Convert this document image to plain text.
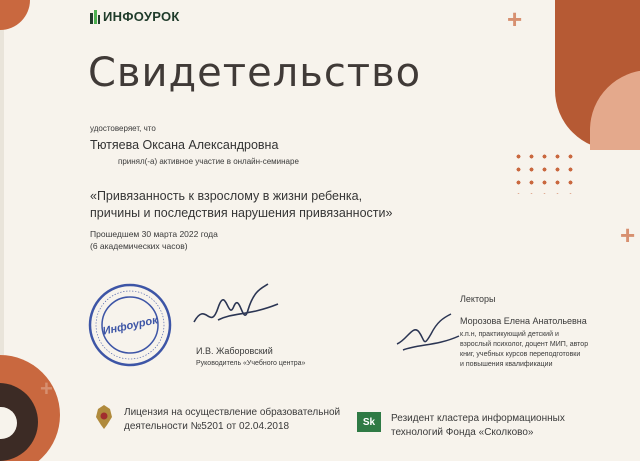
+
+
+
ИНФОУРОК
Свидетельство
удостоверяет, что
Тютяева Оксана Александровна
принял(-а) активное участие в онлайн-семинаре
«Привязанность к взрослому в жизни ребенка, причины и последствия нарушения привязанности»
Прошедшем 30 марта 2022 года
(6 академических часов)
Инфоурок
И.В. Жаборовский
Руководитель «Учебного центра»
Лекторы
Морозова Елена Анатольевна
к.п.н, практикующий детский и
взрослый психолог, доцент МИП, автор
книг, учебных курсов переподготовки
и повышения квалификации
Лицензия на осуществление образовательной
деятельности №5201 от 02.04.2018	Sk	Резидент кластера информационных
технологий Фонда «Сколково»
